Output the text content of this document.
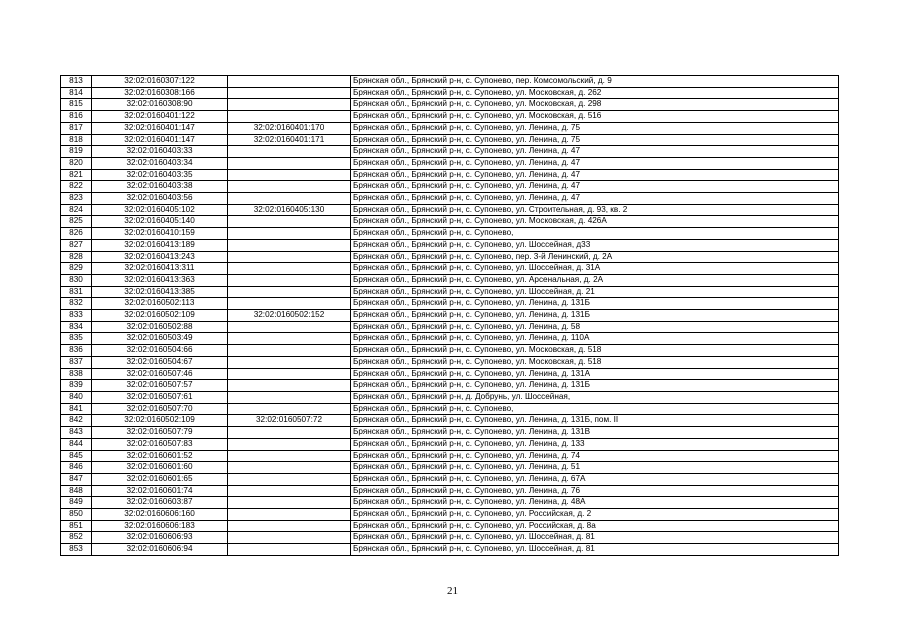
813	32:02:0160307:122		Брянская обл., Брянский р-н, с. Супонево, пер. Комсомольский, д. 9
814	32:02:0160308:166		Брянская обл., Брянский р-н, с. Супонево, ул. Московская, д. 262
815	32:02:0160308:90		Брянская обл., Брянский р-н, с. Супонево, ул. Московская, д. 298
816	32:02:0160401:122		Брянская обл., Брянский р-н, с. Супонево, ул. Московская, д. 516
817	32:02:0160401:147	32:02:0160401:170	Брянская обл., Брянский р-н, с. Супонево, ул. Ленина, д. 75
818	32:02:0160401:147	32:02:0160401:171	Брянская обл., Брянский р-н, с. Супонево, ул. Ленина, д. 75
819	32:02:0160403:33		Брянская обл., Брянский р-н, с. Супонево, ул. Ленина, д. 47
820	32:02:0160403:34		Брянская обл., Брянский р-н, с. Супонево, ул. Ленина, д. 47
821	32:02:0160403:35		Брянская обл., Брянский р-н, с. Супонево, ул. Ленина, д. 47
822	32:02:0160403:38		Брянская обл., Брянский р-н, с. Супонево, ул. Ленина, д. 47
823	32:02:0160403:56		Брянская обл., Брянский р-н, с. Супонево, ул. Ленина, д. 47
824	32:02:0160405:102	32:02:0160405:130	Брянская обл., Брянский р-н, с. Супонево, ул. Строительная, д. 93, кв. 2
825	32:02:0160405:140		Брянская обл., Брянский р-н, с. Супонево, ул. Московская, д. 426А
826	32:02:0160410:159		Брянская обл., Брянский р-н, с. Супонево,
827	32:02:0160413:189		Брянская обл., Брянский р-н, с. Супонево, ул. Шоссейная, д33
828	32:02:0160413:243		Брянская обл., Брянский р-н, с. Супонево, пер. 3-й Ленинский, д. 2А
829	32:02:0160413:311		Брянская обл., Брянский р-н, с. Супонево, ул. Шоссейная, д. 31А
830	32:02:0160413:363		Брянская обл., Брянский р-н, с. Супонево, ул. Арсенальная, д. 2А
831	32:02:0160413:385		Брянская обл., Брянский р-н, с. Супонево, ул. Шоссейная, д. 21
832	32:02:0160502:113		Брянская обл., Брянский р-н, с. Супонево, ул. Ленина, д. 131Б
833	32:02:0160502:109	32:02:0160502:152	Брянская обл., Брянский р-н, с. Супонево, ул. Ленина, д. 131Б
834	32:02:0160502:88		Брянская обл., Брянский р-н, с. Супонево, ул. Ленина, д. 58
835	32:02:0160503:49		Брянская обл., Брянский р-н, с. Супонево, ул. Ленина, д. 110А
836	32:02:0160504:66		Брянская обл., Брянский р-н, с. Супонево, ул. Московская, д. 518
837	32:02:0160504:67		Брянская обл., Брянский р-н, с. Супонево, ул. Московская, д. 518
838	32:02:0160507:46		Брянская обл., Брянский р-н, с. Супонево, ул. Ленина, д. 131А
839	32:02:0160507:57		Брянская обл., Брянский р-н, с. Супонево, ул. Ленина, д. 131Б
840	32:02:0160507:61		Брянская обл., Брянский р-н, д. Добрунь, ул. Шоссейная,
841	32:02:0160507:70		Брянская обл., Брянский р-н, с. Супонево,
842	32:02:0160502:109	32:02:0160507:72	Брянская обл., Брянский р-н, с. Супонево, ул. Ленина, д. 131Б, пом. II
843	32:02:0160507:79		Брянская обл., Брянский р-н, с. Супонево, ул. Ленина, д. 131В
844	32:02:0160507:83		Брянская обл., Брянский р-н, с. Супонево, ул. Ленина, д. 133
845	32:02:0160601:52		Брянская обл., Брянский р-н, с. Супонево, ул. Ленина, д. 74
846	32:02:0160601:60		Брянская обл., Брянский р-н, с. Супонево, ул. Ленина, д. 51
847	32:02:0160601:65		Брянская обл., Брянский р-н, с. Супонево, ул. Ленина, д. 67А
848	32:02:0160601:74		Брянская обл., Брянский р-н, с. Супонево, ул. Ленина, д. 76
849	32:02:0160603:87		Брянская обл., Брянский р-н, с. Супонево, ул. Ленина, д. 48А
850	32:02:0160606:160		Брянская обл., Брянский р-н, с. Супонево, ул. Российская, д. 2
851	32:02:0160606:183		Брянская обл., Брянский р-н, с. Супонево, ул. Российская, д. 8а
852	32:02:0160606:93		Брянская обл., Брянский р-н, с. Супонево, ул. Шоссейная, д. 81
853	32:02:0160606:94		Брянская обл., Брянский р-н, с. Супонево, ул. Шоссейная, д. 81
21
